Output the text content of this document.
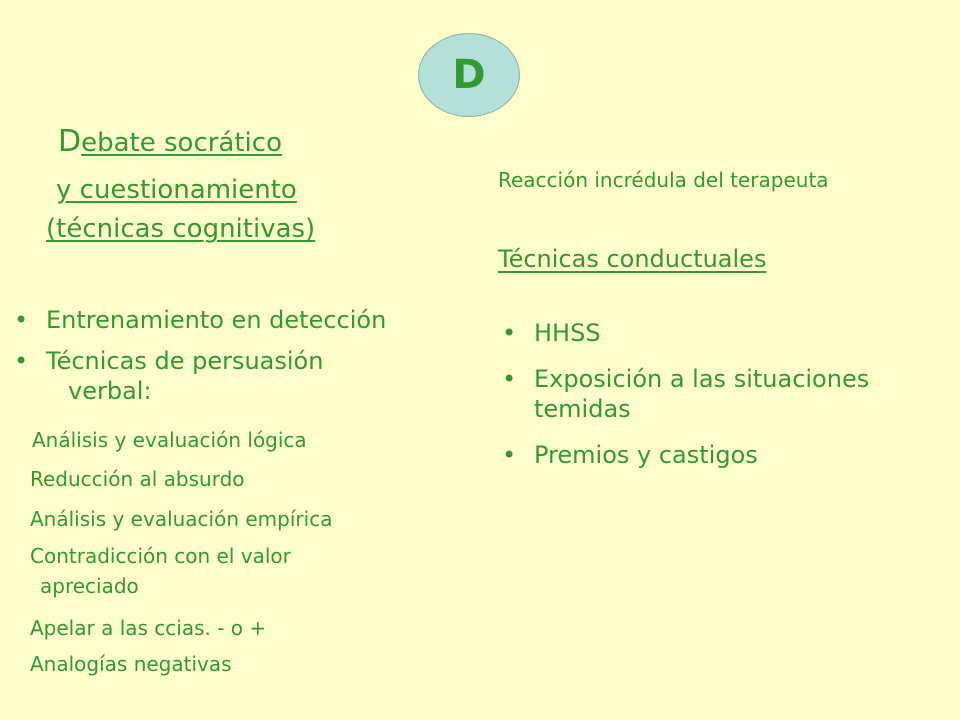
D
Debate socrático
y cuestionamiento
(técnicas cognitivas)
• Entrenamiento en detección
• Técnicas de persuasión
verbal:
Análisis y evaluación lógica
Reducción al absurdo
Análisis y evaluación empírica
Contradicción con el valor
apreciado
Apelar a las ccias. - o +
Analogías negativas
Reacción incrédula del terapeuta
Técnicas conductuales
• HHSS
• Exposición a las situaciones
temidas
• Premios y castigos
